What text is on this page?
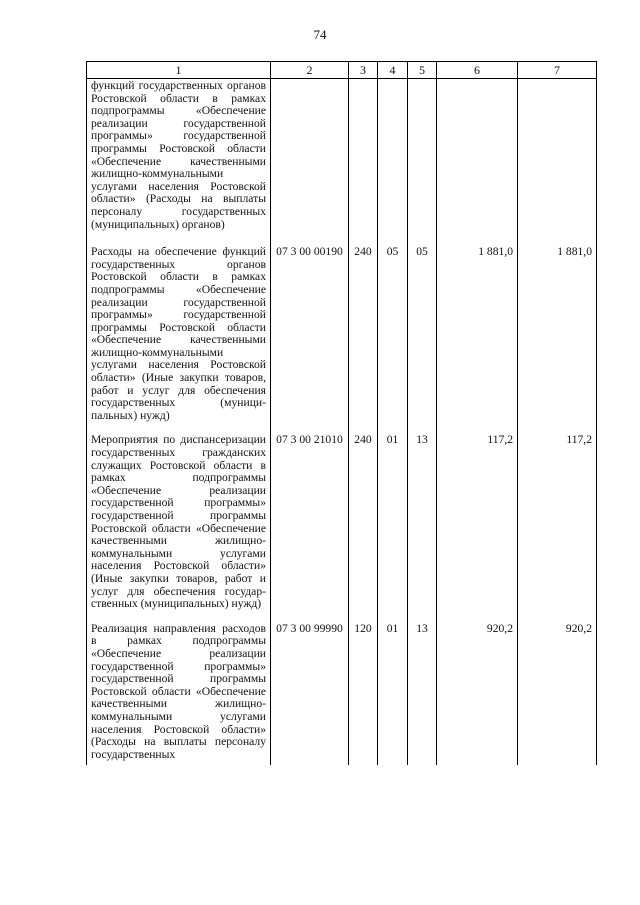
74
1	2	3	4	5	6	7
функций государственных органов Ростовской области в рамках подпрограммы «Обеспечение реализации государственной программы» государственной программы Ростовской области «Обеспечение качественными жилищно-коммунальными услугами населения Ростовской области» (Расходы на выплаты персоналу государственных (муниципальных) органов)						
Расходы на обеспечение функций государственных органов Ростовской области в рамках подпрограммы «Обеспечение реализации государственной программы» государственной программы Ростовской области «Обеспечение качественными жилищно-коммунальными услугами населения Ростовской области» (Иные закупки товаров, работ и услуг для обеспечения государственных (муниципальных) нужд)	07 3 00 00190	240	05	05	1 881,0	1 881,0
Мероприятия по диспансеризации государственных гражданских служащих Ростовской области в рамках подпрограммы «Обеспечение реализации государственной программы» государственной программы Ростовской области «Обеспечение качественными жилищно-коммунальными услугами населения Ростовской области» (Иные закупки товаров, работ и услуг для обеспечения государственных (муниципальных) нужд)	07 3 00 21010	240	01	13	117,2	117,2
Реализация направления расходов в рамках подпрограммы «Обеспечение реализации государственной программы» государственной программы Ростовской области «Обеспечение качественными жилищно-коммунальными услугами населения Ростовской области» (Расходы на выплаты персоналу государственных	07 3 00 99990	120	01	13	920,2	920,2
